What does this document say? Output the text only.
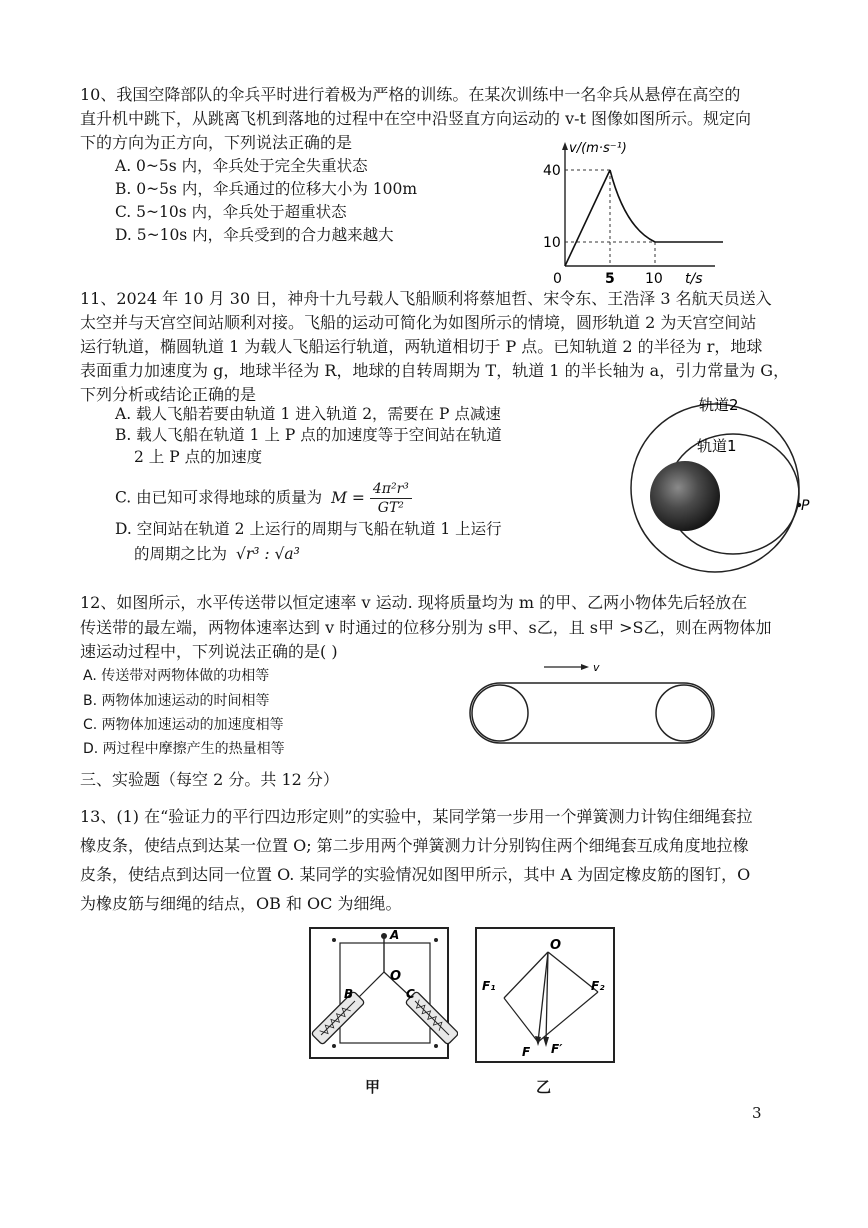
10、我国空降部队的伞兵平时进行着极为严格的训练。在某次训练中一名伞兵从悬停在高空的
直升机中跳下，从跳离飞机到落地的过程中在空中沿竖直方向运动的 v-t 图像如图所示。规定向
下的方向为正方向，下列说法正确的是
A. 0~5s 内，伞兵处于完全失重状态
B. 0~5s 内，伞兵通过的位移大小为 100m
C. 5~10s 内，伞兵处于超重状态
D. 5~10s 内，伞兵受到的合力越来越大
v/(m·s⁻¹)
40
10
0	5 10 t/s
11、2024 年 10 月 30 日，神舟十九号载人飞船顺利将蔡旭哲、宋令东、王浩泽 3 名航天员送入
太空并与天宫空间站顺利对接。飞船的运动可简化为如图所示的情境，圆形轨道 2 为天宫空间站
运行轨道，椭圆轨道 1 为载人飞船运行轨道，两轨道相切于 P 点。已知轨道 2 的半径为 r，地球
表面重力加速度为 g，地球半径为 R，地球的自转周期为 T，轨道 1 的半长轴为 a，引力常量为 G，
下列分析或结论正确的是
A. 载人飞船若要由轨道 1 进入轨道 2，需要在 P 点减速
B. 载人飞船在轨道 1 上 P 点的加速度等于空间站在轨道
2 上 P 点的加速度
C. 由已知可求得地球的质量为 $M = \frac{\text{4π²r³}}{\text{GT²}}$
D. 空间站在轨道 2 上运行的周期与飞船在轨道 1 上运行
的周期之比为 √r³ : √a³
轨道2
轨道1
P
12、如图所示，水平传送带以恒定速率 v 运动. 现将质量均为 m 的甲、乙两小物体先后轻放在
传送带的最左端，两物体速率达到 v 时通过的位移分别为 s甲、s乙，且 s甲 >S乙，则在两物体加
速运动过程中，下列说法正确的是( )
A. 传送带对两物体做的功相等
B. 两物体加速运动的时间相等
C. 两物体加速运动的加速度相等
D. 两过程中摩擦产生的热量相等
v
三、实验题（每空 2 分。共 12 分）
13、(1) 在“验证力的平行四边形定则”的实验中，某同学第一步用一个弹簧测力计钩住细绳套拉
橡皮条，使结点到达某一位置 O; 第二步用两个弹簧测力计分别钩住两个细绳套互成角度地拉橡
皮条，使结点到达同一位置 O. 某同学的实验情况如图甲所示，其中 A 为固定橡皮筋的图钉，O
为橡皮筋与细绳的结点，OB 和 OC 为细绳。
A
O
B	C
甲
O
F₁	F₂
F F′
乙
3
